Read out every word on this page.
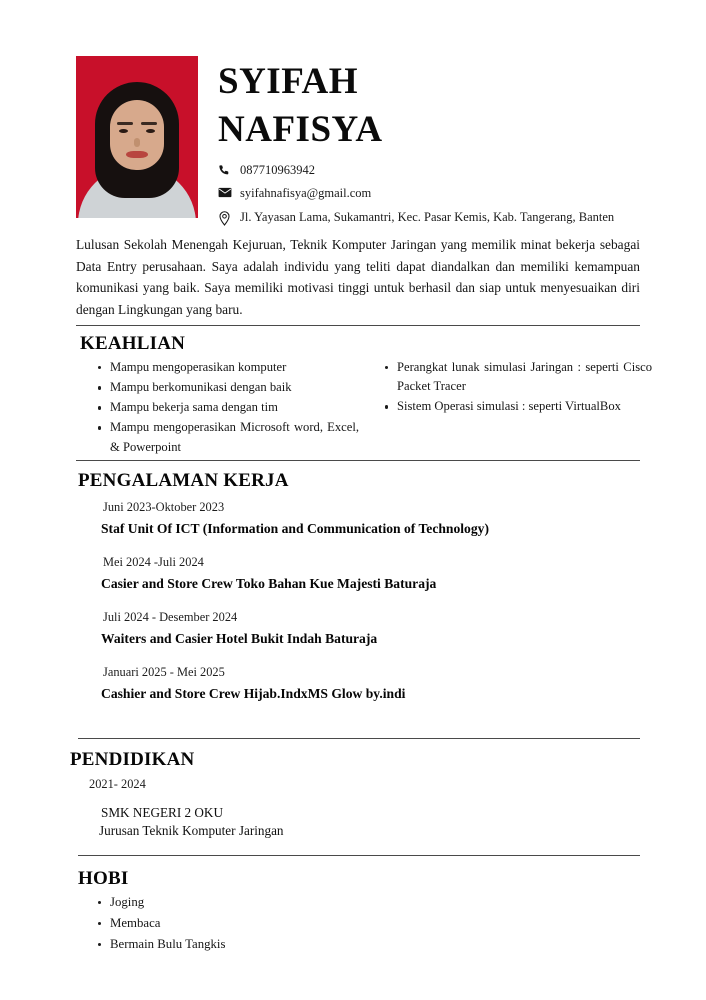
SYIFAH
NAFISYA
087710963942
syifahnafisya@gmail.com
Jl. Yayasan Lama, Sukamantri, Kec. Pasar Kemis, Kab. Tangerang, Banten
Lulusan Sekolah Menengah Kejuruan, Teknik Komputer Jaringan yang memilik minat bekerja sebagai Data Entry perusahaan. Saya adalah individu yang teliti dapat diandalkan dan memiliki kemampuan komunikasi yang baik. Saya memiliki motivasi tinggi untuk berhasil dan siap untuk menyesuaikan diri dengan Lingkungan yang baru.
KEAHLIAN
Mampu mengoperasikan komputer
Mampu berkomunikasi dengan baik
Mampu bekerja sama dengan tim
Mampu mengoperasikan Microsoft word, Excel, & Powerpoint
Perangkat lunak simulasi Jaringan : seperti Cisco Packet Tracer
Sistem Operasi simulasi : seperti VirtualBox
PENGALAMAN KERJA
Juni 2023-Oktober 2023
Staf Unit Of ICT (Information and Communication of Technology)
Mei 2024 -Juli 2024
Casier and Store Crew Toko Bahan Kue Majesti Baturaja
Juli 2024 - Desember 2024
Waiters and Casier Hotel Bukit Indah Baturaja
Januari 2025 - Mei 2025
Cashier and Store Crew Hijab.IndxMS Glow by.indi
PENDIDIKAN
2021- 2024
SMK NEGERI 2 OKU
Jurusan Teknik Komputer Jaringan
HOBI
Joging
Membaca
Bermain Bulu Tangkis
